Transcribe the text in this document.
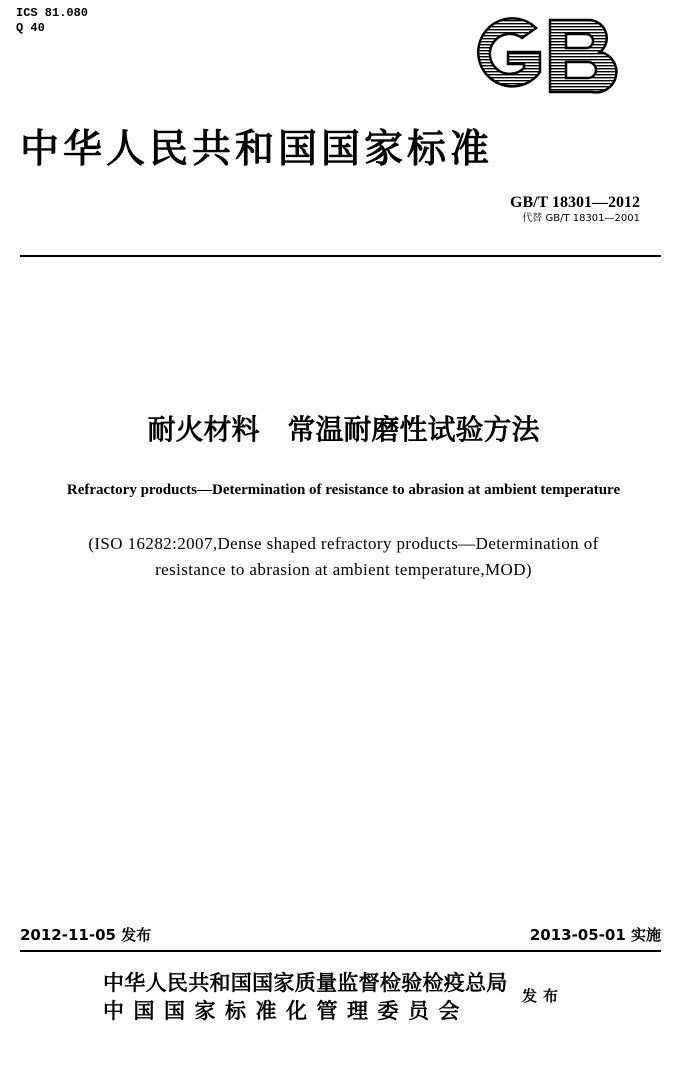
ICS 81.080
Q 40
中华人民共和国国家标准
GB/T 18301—2012
代替 GB/T 18301—2001
耐火材料　常温耐磨性试验方法
Refractory products—Determination of resistance to abrasion at ambient temperature
(ISO 16282:2007,Dense shaped refractory products—Determination of
resistance to abrasion at ambient temperature,MOD)
2012-11-05 发布	2013-05-01 实施
中华人民共和国国家质量监督检验检疫总局
中国国家标准化管理委员会
发布
